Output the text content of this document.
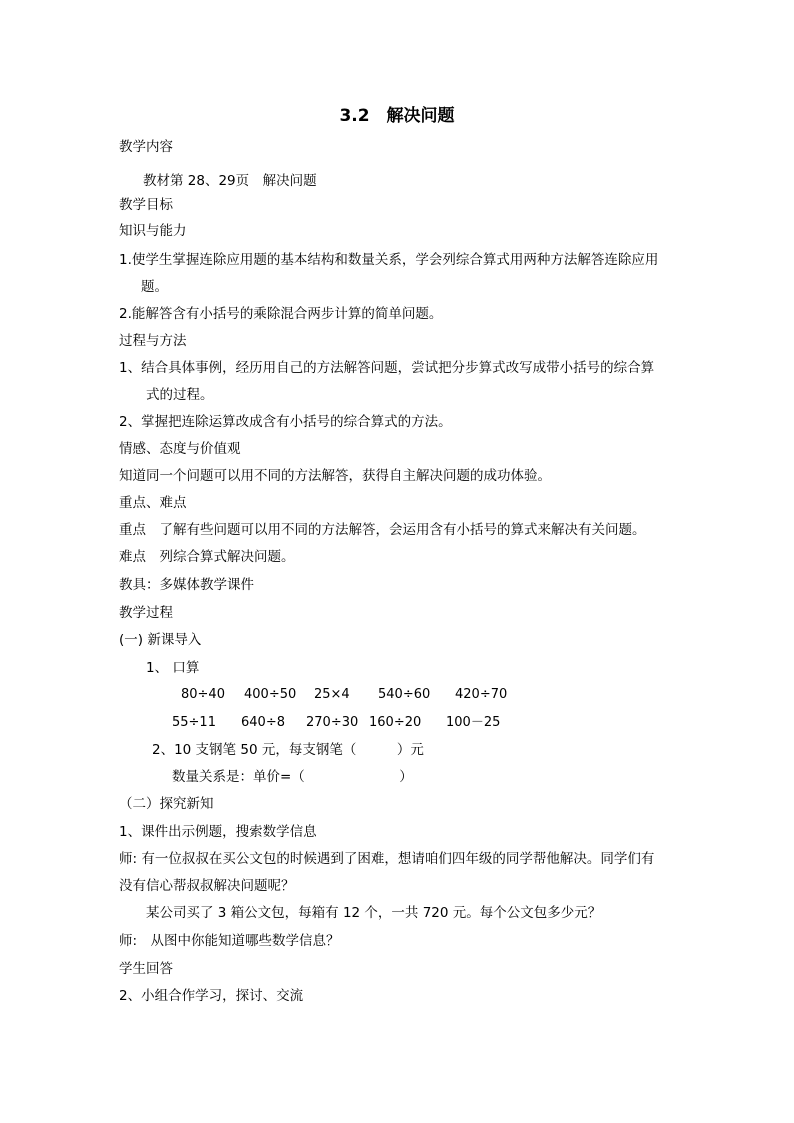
3.2　解决问题
教学内容
教材第 28、29页　解决问题
教学目标
知识与能力
1.使学生掌握连除应用题的基本结构和数量关系，学会列综合算式用两种方法解答连除应用
题。
2.能解答含有小括号的乘除混合两步计算的简单问题。
过程与方法
1、结合具体事例，经历用自己的方法解答问题，尝试把分步算式改写成带小括号的综合算
式的过程。
2、掌握把连除运算改成含有小括号的综合算式的方法。
情感、态度与价值观
知道同一个问题可以用不同的方法解答，获得自主解决问题的成功体验。
重点、难点
重点　了解有些问题可以用不同的方法解答，会运用含有小括号的算式来解决有关问题。
难点　列综合算式解决问题。
教具：多媒体教学课件
教学过程
(一) 新课导入
1、 口算
80÷40 400÷50 25×4 540÷60 420÷70
55÷11 640÷8 270÷30 160÷20 100－25
2、10 支钢笔 50 元，每支钢笔（　　　）元
数量关系是：单价=（　　　　　　　）
（二）探究新知
1、课件出示例题，搜索数学信息
师: 有一位叔叔在买公文包的时候遇到了困难，想请咱们四年级的同学帮他解决。同学们有
没有信心帮叔叔解决问题呢？
某公司买了 3 箱公文包，每箱有 12 个，一共 720 元。每个公文包多少元？
师:　从图中你能知道哪些数学信息？
学生回答
2、小组合作学习，探讨、交流
